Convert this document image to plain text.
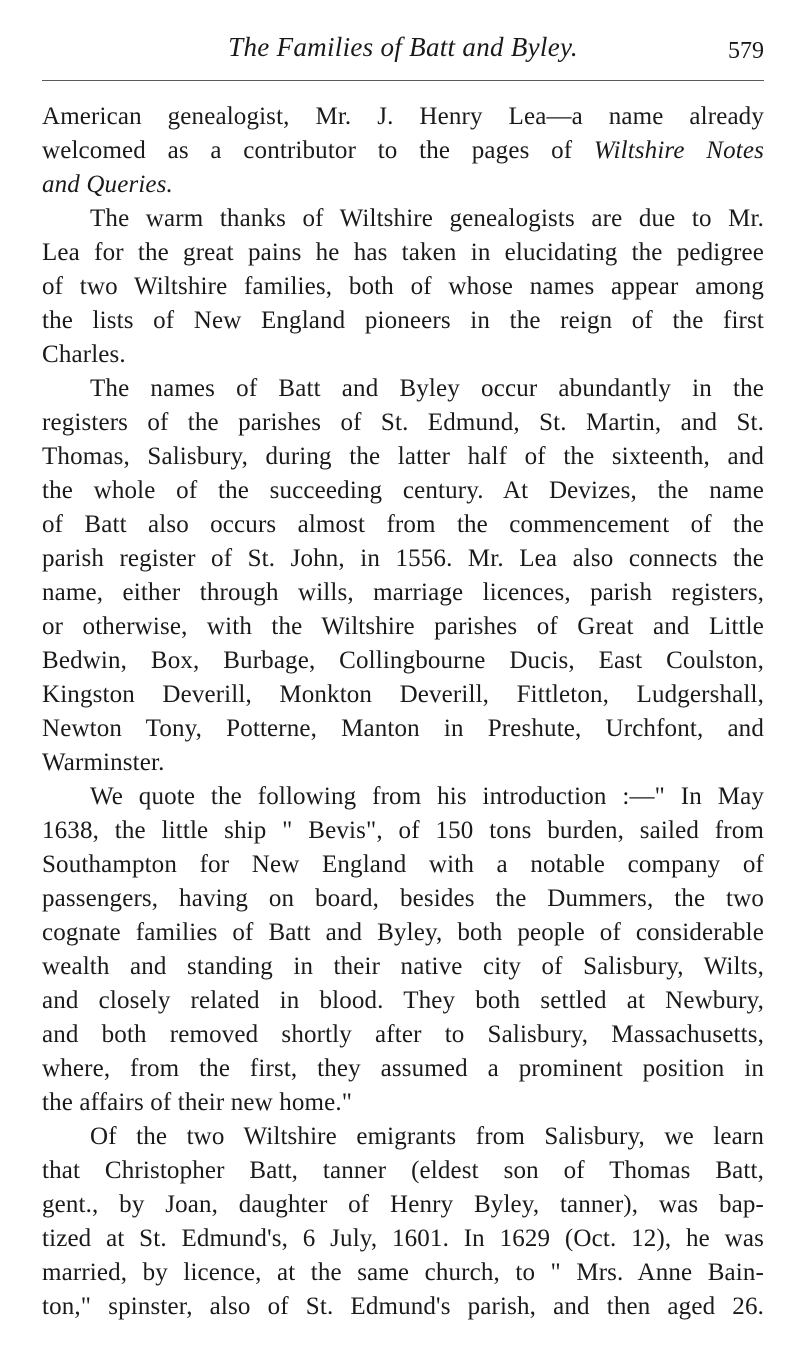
The Families of Batt and Byley.	579
American genealogist, Mr. J. Henry Lea—a name already
welcomed as a contributor to the pages of Wiltshire Notes
and Queries.
The warm thanks of Wiltshire genealogists are due to Mr.
Lea for the great pains he has taken in elucidating the pedigree
of two Wiltshire families, both of whose names appear among
the lists of New England pioneers in the reign of the first
Charles.
The names of Batt and Byley occur abundantly in the
registers of the parishes of St. Edmund, St. Martin, and St.
Thomas, Salisbury, during the latter half of the sixteenth, and
the whole of the succeeding century. At Devizes, the name
of Batt also occurs almost from the commencement of the
parish register of St. John, in 1556. Mr. Lea also connects the
name, either through wills, marriage licences, parish registers,
or otherwise, with the Wiltshire parishes of Great and Little
Bedwin, Box, Burbage, Collingbourne Ducis, East Coulston,
Kingston Deverill, Monkton Deverill, Fittleton, Ludgershall,
Newton Tony, Potterne, Manton in Preshute, Urchfont, and
Warminster.
We quote the following from his introduction :—" In May
1638, the little ship " Bevis", of 150 tons burden, sailed from
Southampton for New England with a notable company of
passengers, having on board, besides the Dummers, the two
cognate families of Batt and Byley, both people of considerable
wealth and standing in their native city of Salisbury, Wilts,
and closely related in blood. They both settled at Newbury,
and both removed shortly after to Salisbury, Massachusetts,
where, from the first, they assumed a prominent position in
the affairs of their new home."
Of the two Wiltshire emigrants from Salisbury, we learn
that Christopher Batt, tanner (eldest son of Thomas Batt,
gent., by Joan, daughter of Henry Byley, tanner), was bap-
tized at St. Edmund's, 6 July, 1601. In 1629 (Oct. 12), he was
married, by licence, at the same church, to " Mrs. Anne Bain-
ton," spinster, also of St. Edmund's parish, and then aged 26.
